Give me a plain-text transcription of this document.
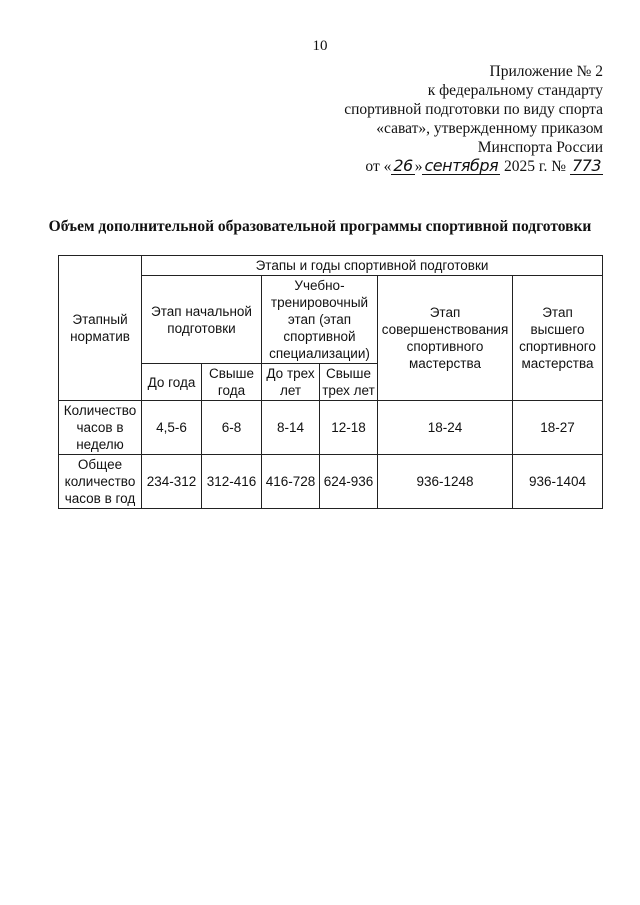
10
Приложение № 2
к федеральному стандарту
спортивной подготовки по виду спорта
«сават», утвержденному приказом
Минспорта России
от « 26 » сентября 2025 г. № 773
Объем дополнительной образовательной программы спортивной подготовки
Этапный норматив	Этапы и годы спортивной подготовки					
	Этап начальной подготовки		Учебно-тренировочный этап (этап спортивной специализации)		Этап совершенствования спортивного мастерства	Этап высшего спортивного мастерства
	До года	Свыше года	До трех лет	Свыше трех лет		
Количество часов в неделю	4,5-6	6-8	8-14	12-18	18-24	18-27
Общее количество часов в год	234-312	312-416	416-728	624-936	936-1248	936-1404
